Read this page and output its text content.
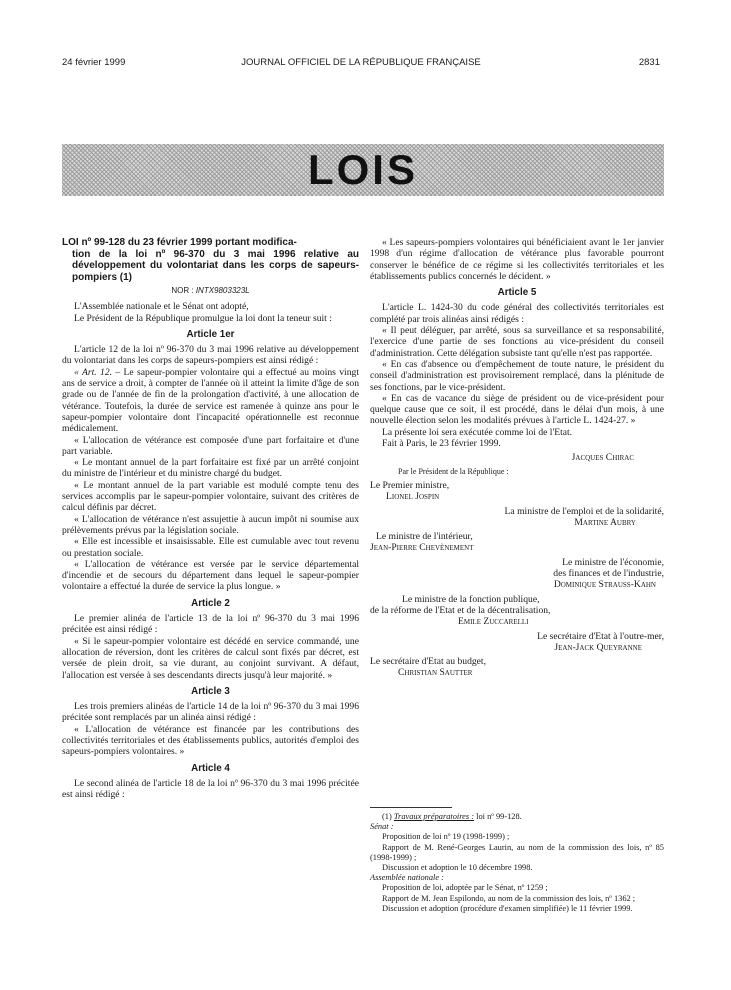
24 février 1999	JOURNAL OFFICIEL DE LA RÉPUBLIQUE FRANÇAISE	2831
LOIS
LOI nº 99-128 du 23 février 1999 portant modifica-
tion de la loi nº 96-370 du 3 mai 1996 relative au développement du volontariat dans les corps de sapeurs-pompiers (1)
NOR : INTX9803323L

L'Assemblée nationale et le Sénat ont adopté,

Le Président de la République promulgue la loi dont la teneur suit :

Article 1er

L'article 12 de la loi nº 96-370 du 3 mai 1996 relative au développement du volontariat dans les corps de sapeurs-pompiers est ainsi rédigé :

« Art. 12. – Le sapeur-pompier volontaire qui a effectué au moins vingt ans de service a droit, à compter de l'année où il atteint la limite d'âge de son grade ou de l'année de fin de la prolongation d'activité, à une allocation de vétérance. Toutefois, la durée de service est ramenée à quinze ans pour le sapeur-pompier volontaire dont l'incapacité opérationnelle est reconnue médicalement.

« L'allocation de vétérance est composée d'une part forfaitaire et d'une part variable.

« Le montant annuel de la part forfaitaire est fixé par un arrêté conjoint du ministre de l'intérieur et du ministre chargé du budget.

« Le montant annuel de la part variable est modulé compte tenu des services accomplis par le sapeur-pompier volontaire, suivant des critères de calcul définis par décret.

« L'allocation de vétérance n'est assujettie à aucun impôt ni soumise aux prélèvements prévus par la législation sociale.

« Elle est incessible et insaisissable. Elle est cumulable avec tout revenu ou prestation sociale.

« L'allocation de vétérance est versée par le service départemental d'incendie et de secours du département dans lequel le sapeur-pompier volontaire a effectué la durée de service la plus longue. »

Article 2

Le premier alinéa de l'article 13 de la loi nº 96-370 du 3 mai 1996 précitée est ainsi rédigé :

« Si le sapeur-pompier volontaire est décédé en service commandé, une allocation de réversion, dont les critères de calcul sont fixés par décret, est versée de plein droit, sa vie durant, au conjoint survivant. A défaut, l'allocation est versée à ses descendants directs jusqu'à leur majorité. »

Article 3

Les trois premiers alinéas de l'article 14 de la loi nº 96-370 du 3 mai 1996 précitée sont remplacés par un alinéa ainsi rédigé :

« L'allocation de vétérance est financée par les contributions des collectivités territoriales et des établissements publics, autorités d'emploi des sapeurs-pompiers volontaires. »

Article 4

Le second alinéa de l'article 18 de la loi nº 96-370 du 3 mai 1996 précitée est ainsi rédigé :

« Les sapeurs-pompiers volontaires qui bénéficiaient avant le 1er janvier 1998 d'un régime d'allocation de vétérance plus favorable pourront conserver le bénéfice de ce régime si les collectivités territoriales et les établissements publics concernés le décident. »

Article 5

L'article L. 1424-30 du code général des collectivités territoriales est complété par trois alinéas ainsi rédigés :

« Il peut déléguer, par arrêté, sous sa surveillance et sa responsabilité, l'exercice d'une partie de ses fonctions au vice-président du conseil d'administration. Cette délégation subsiste tant qu'elle n'est pas rapportée.

« En cas d'absence ou d'empêchement de toute nature, le président du conseil d'administration est provisoirement remplacé, dans la plénitude de ses fonctions, par le vice-président.

« En cas de vacance du siège de président ou de vice-président pour quelque cause que ce soit, il est procédé, dans le délai d'un mois, à une nouvelle élection selon les modalités prévues à l'article L. 1424-27. »

La présente loi sera exécutée comme loi de l'Etat.

Fait à Paris, le 23 février 1999.

Jacques Chirac
Par le Président de la République :
Le Premier ministre,
Lionel Jospin
La ministre de l'emploi et de la solidarité,
Martine Aubry
Le ministre de l'intérieur,
Jean-Pierre Chevènement
Le ministre de l'économie,
des finances et de l'industrie,
Dominique Strauss-Kahn
Le ministre de la fonction publique,
de la réforme de l'Etat et de la décentralisation,
Emile Zuccarelli
Le secrétaire d'Etat à l'outre-mer,
Jean-Jack Queyranne
Le secrétaire d'Etat au budget,
Christian Sautter

(1) Travaux préparatoires : loi nº 99-128.

Sénat :

Proposition de loi nº 19 (1998-1999) ;

Rapport de M. René-Georges Laurin, au nom de la commission des lois, nº 85 (1998-1999) ;

Discussion et adoption le 10 décembre 1998.

Assemblée nationale :

Proposition de loi, adoptée par le Sénat, nº 1259 ;

Rapport de M. Jean Espilondo, au nom de la commission des lois, nº 1362 ;

Discussion et adoption (procédure d'examen simplifiée) le 11 février 1999.
